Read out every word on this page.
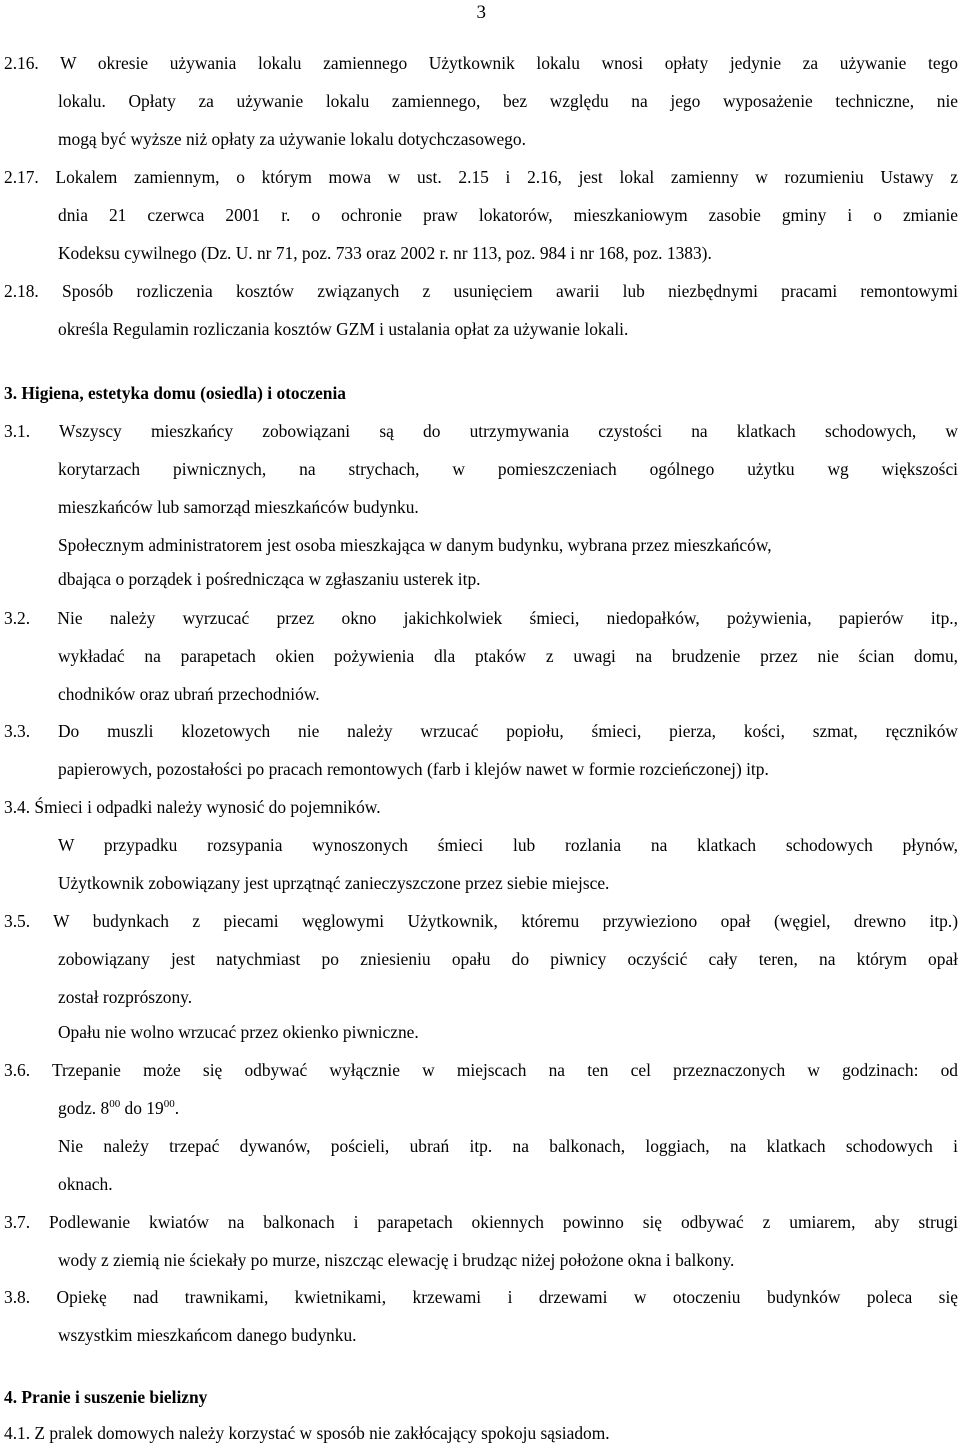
3
2.16. W okresie używania lokalu zamiennego Użytkownik lokalu wnosi opłaty jedynie za używanie tego
lokalu. Opłaty za używanie lokalu zamiennego, bez względu na jego wyposażenie techniczne, nie
mogą być wyższe niż opłaty za używanie lokalu dotychczasowego.
2.17. Lokalem zamiennym, o którym mowa w ust. 2.15 i 2.16, jest lokal zamienny w rozumieniu Ustawy z
dnia 21 czerwca 2001 r. o ochronie praw lokatorów, mieszkaniowym zasobie gminy i o zmianie
Kodeksu cywilnego (Dz. U. nr 71, poz. 733 oraz 2002 r. nr 113, poz. 984 i nr 168, poz. 1383).
2.18. Sposób rozliczenia kosztów związanych z usunięciem awarii lub niezbędnymi pracami remontowymi
określa Regulamin rozliczania kosztów GZM i ustalania opłat za używanie lokali.
3. Higiena, estetyka domu (osiedla) i otoczenia
3.1. Wszyscy mieszkańcy zobowiązani są do utrzymywania czystości na klatkach schodowych, w
korytarzach piwnicznych, na strychach, w pomieszczeniach ogólnego użytku wg większości
mieszkańców lub samorząd mieszkańców budynku.
Społecznym administratorem jest osoba mieszkająca w danym budynku, wybrana przez mieszkańców,
dbająca o porządek i pośrednicząca w zgłaszaniu usterek itp.
3.2. Nie należy wyrzucać przez okno jakichkolwiek śmieci, niedopałków, pożywienia, papierów itp.,
wykładać na parapetach okien pożywienia dla ptaków z uwagi na brudzenie przez nie ścian domu,
chodników oraz ubrań przechodniów.
3.3. Do muszli klozetowych nie należy wrzucać popiołu, śmieci, pierza, kości, szmat, ręczników
papierowych, pozostałości po pracach remontowych (farb i klejów nawet w formie rozcieńczonej) itp.
3.4. Śmieci i odpadki należy wynosić do pojemników.
W przypadku rozsypania wynoszonych śmieci lub rozlania na klatkach schodowych płynów,
Użytkownik zobowiązany jest uprzątnąć zanieczyszczone przez siebie miejsce.
3.5. W budynkach z piecami węglowymi Użytkownik, któremu przywieziono opał (węgiel, drewno itp.)
zobowiązany jest natychmiast po zniesieniu opału do piwnicy oczyścić cały teren, na którym opał
został rozprószony.
Opału nie wolno wrzucać przez okienko piwniczne.
3.6. Trzepanie może się odbywać wyłącznie w miejscach na ten cel przeznaczonych w godzinach: od
godz. $8^{00}$ do $19^{00}$.
Nie należy trzepać dywanów, pościeli, ubrań itp. na balkonach, loggiach, na klatkach schodowych i
oknach.
3.7. Podlewanie kwiatów na balkonach i parapetach okiennych powinno się odbywać z umiarem, aby strugi
wody z ziemią nie ściekały po murze, niszcząc elewację i brudząc niżej położone okna i balkony.
3.8. Opiekę nad trawnikami, kwietnikami, krzewami i drzewami w otoczeniu budynków poleca się
wszystkim mieszkańcom danego budynku.
4. Pranie i suszenie bielizny
4.1. Z pralek domowych należy korzystać w sposób nie zakłócający spokoju sąsiadom.
